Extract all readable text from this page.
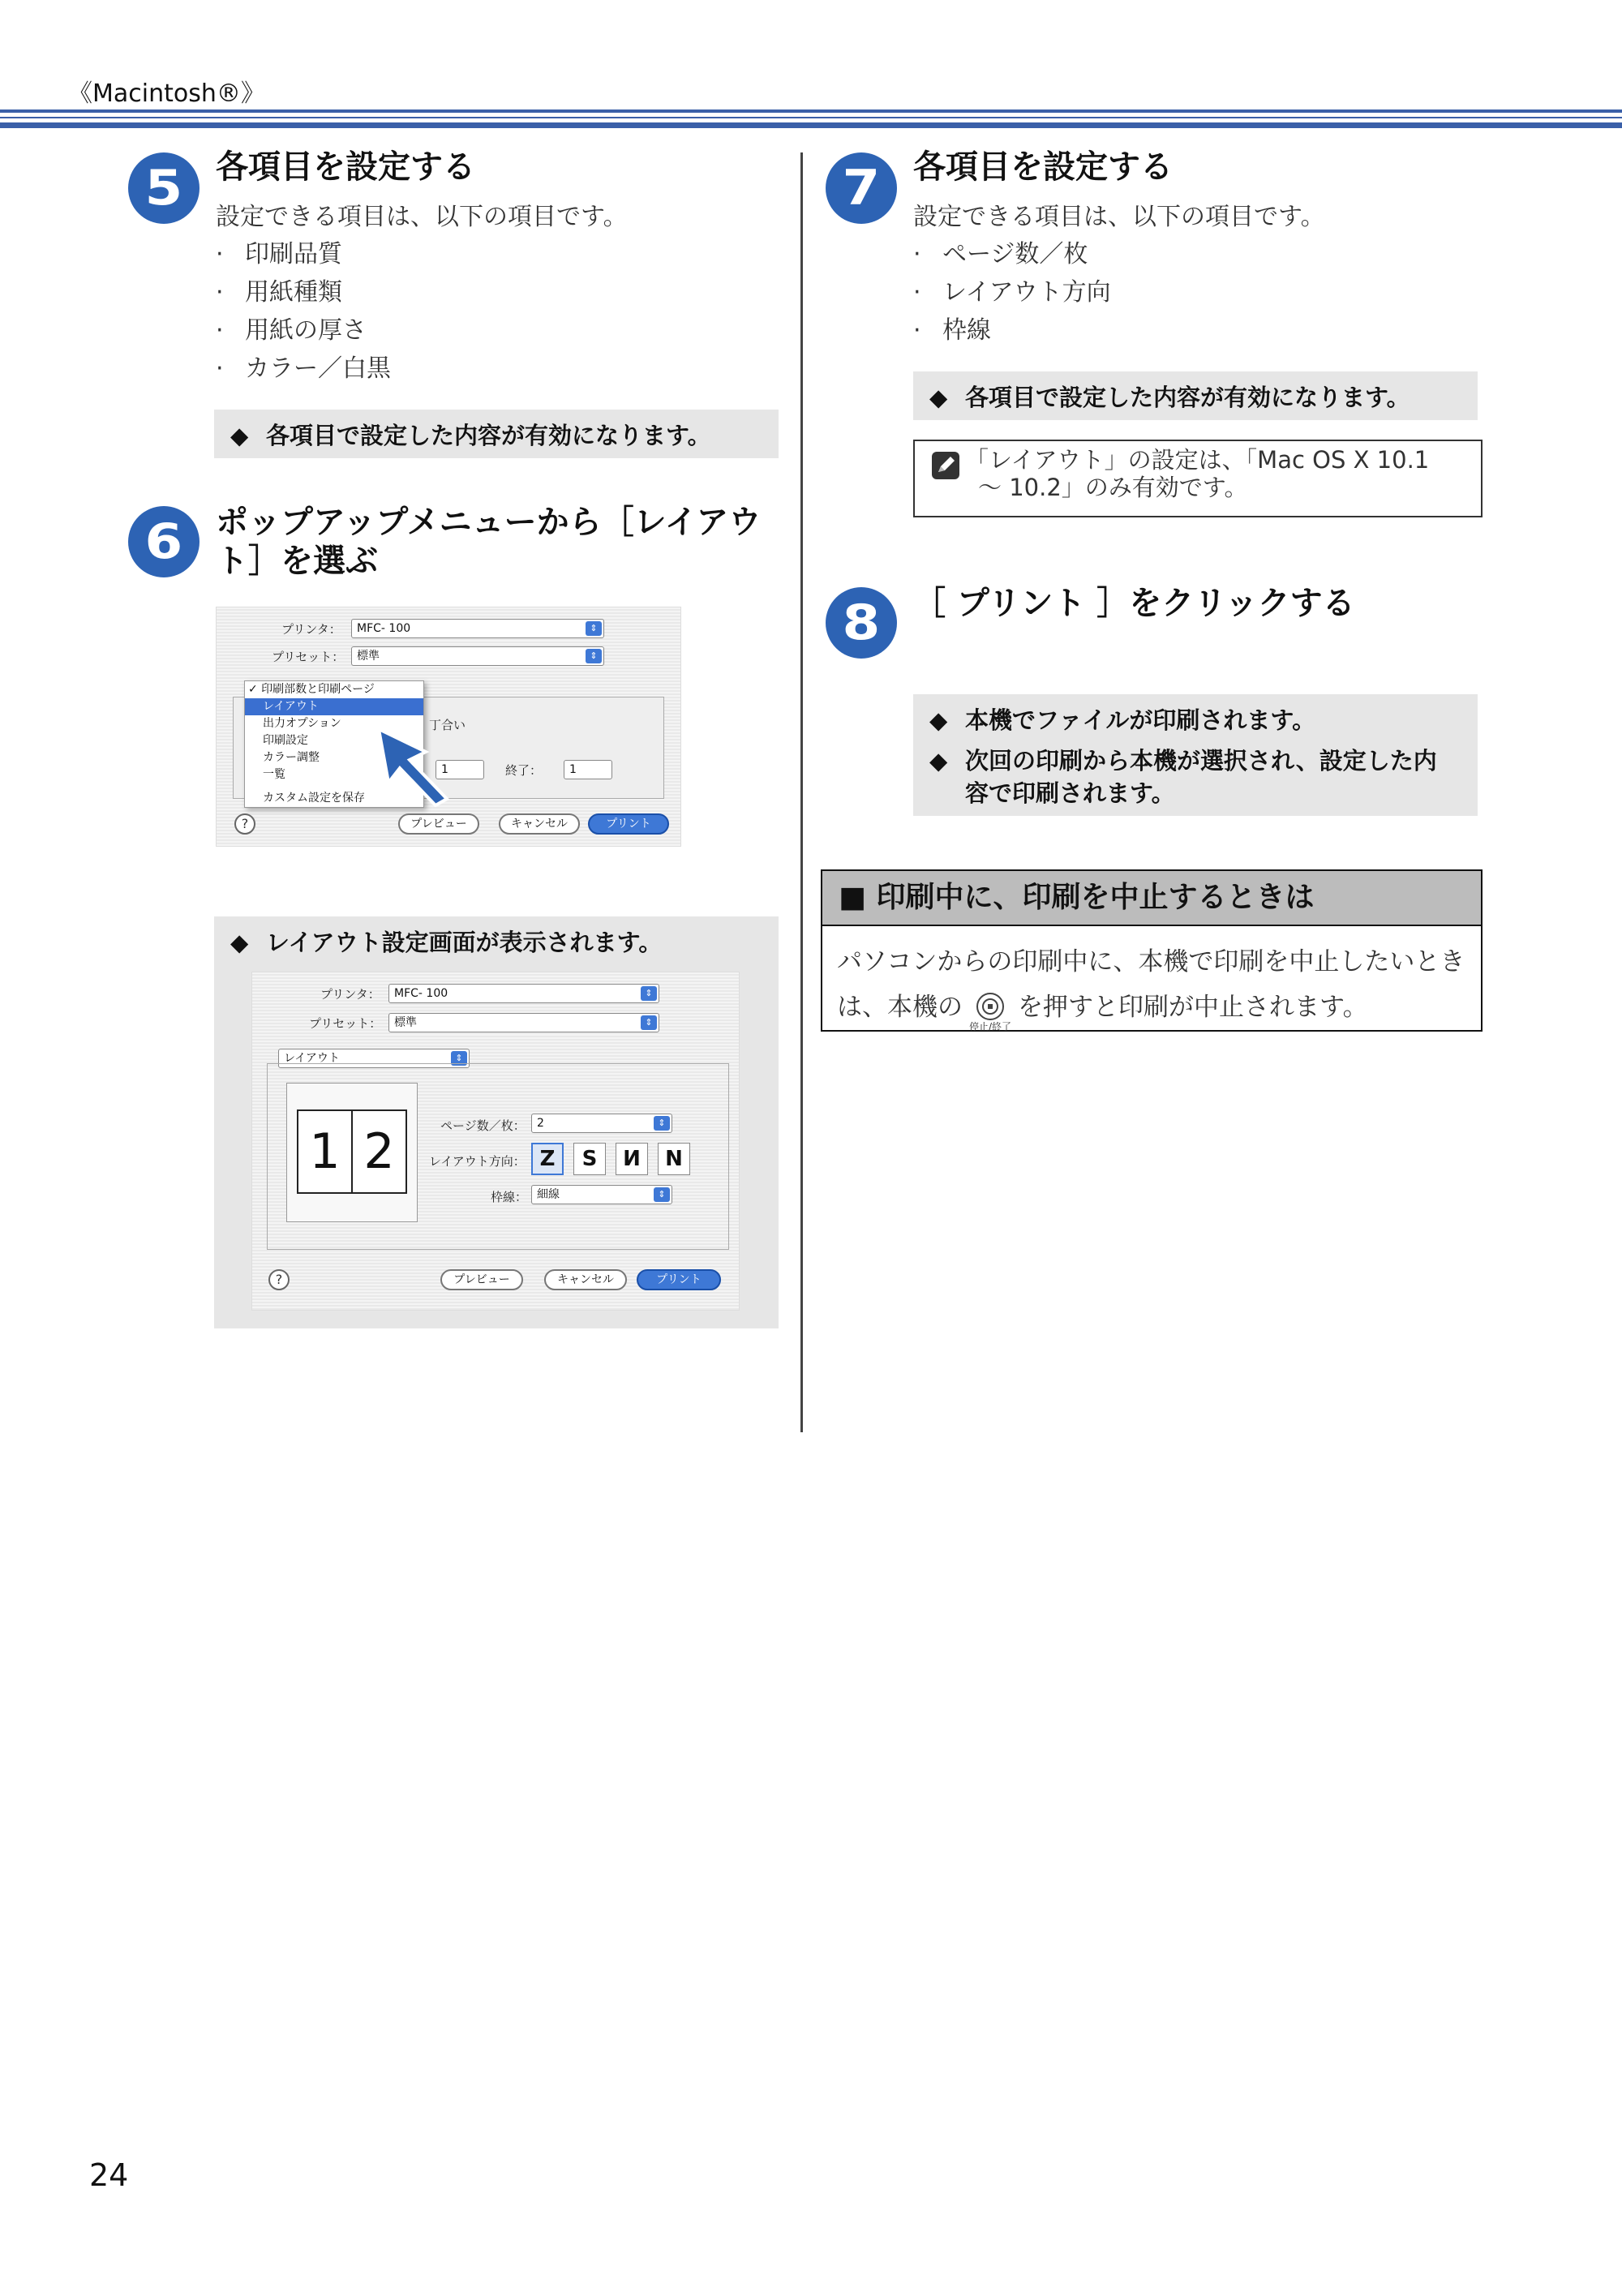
《Macintosh®》
5 各項目を設定する
設定できる項目は、以下の項目です。
· 印刷品質
· 用紙種類
· 用紙の厚さ
· カラー／白黒
◆ 各項目で設定した内容が有効になります。
6 ポップアップメニューから［レイアウ
ト］を選ぶ
プリンタ：	MFC- 100	⇕
プリセット：	標準	⇕
丁合い
1	終了：	1
✓ 印刷部数と印刷ページ
レイアウト
出力オプション
印刷設定
カラー調整
一覧
カスタム設定を保存
?	プレビュー	キャンセル	プリント
◆ レイアウト設定画面が表示されます。
プリンタ：	MFC- 100	⇕
プリセット：	標準	⇕
レイアウト	⇕
1 2	ページ数／枚：	2	⇕
レイアウト方向： Z	S	И	N
枠線： 細線	⇕
?	プレビュー	キャンセル	プリント
7 各項目を設定する
設定できる項目は、以下の項目です。
· ページ数／枚
· レイアウト方向
· 枠線
◆ 各項目で設定した内容が有効になります。
「レイアウト」の設定は、「Mac OS X 10.1
～ 10.2」のみ有効です。
8 ［ プリント ］をクリックする
◆ 本機でファイルが印刷されます。
◆ 次回の印刷から本機が選択され、設定した内容で印刷されます。
■ 印刷中に、印刷を中止するときは
パソコンからの印刷中に、本機で印刷を中止したいとき
は、本機の
停止/終了
を押すと印刷が中止されます。
24
